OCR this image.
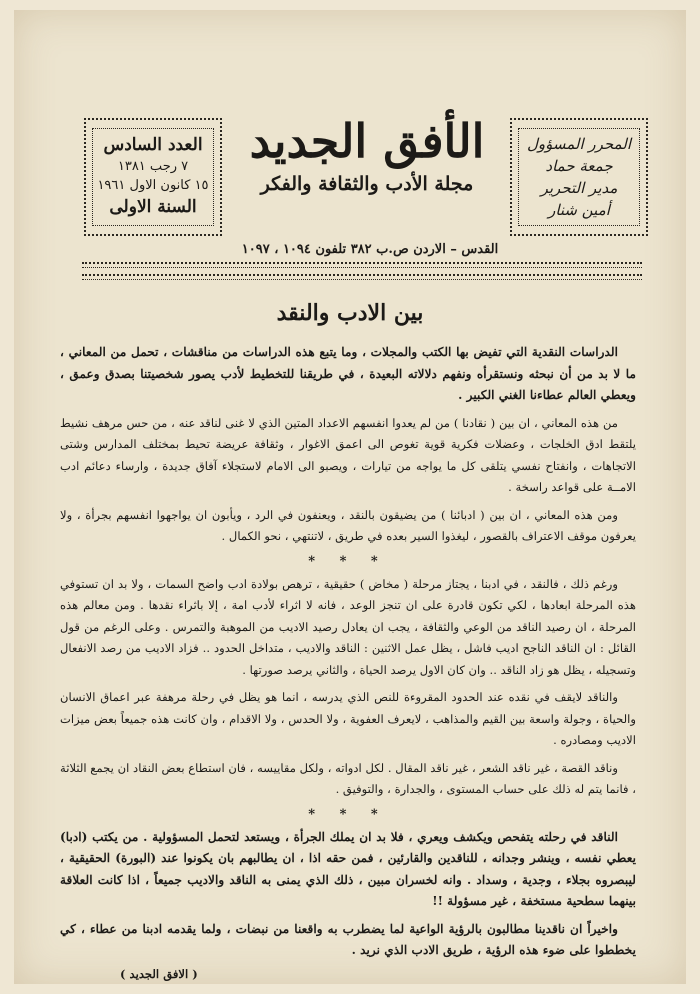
العدد السادس
٧ رجب ١٣٨١
١٥ كانون الاول ١٩٦١
السنة الاولى
الأفق الجديد
مجلة الأدب والثقافة والفكر
المحرر المسؤول
جمعة حماد
مدير التحرير
أمين شنار
القدس – الاردن ص.ب ٣٨٢ تلفون ١٠٩٤ ، ١٠٩٧
بين الادب والنقد

الدراسات النقدية التي تفيض بها الكتب والمجلات ، وما يتبع هذه الدراسات من مناقشات ، تحمل من المعاني ، ما لا بد من أن نبحثه ونستقرأه ونفهم دلالاته البعيدة ، في طريقنا للتخطيط لأدب يصور شخصيتنا بصدق وعمق ، ويعطي العالم عطاءنا الغني الكبير .

من هذه المعاني ، ان بين ( نقادنا ) من لم يعدوا انفسهم الاعداد المتين الذي لا غنى لناقد عنه ، من حس مرهف نشيط يلتقط ادق الخلجات ، وعضلات فكرية قوية تغوص الى اعمق الاغوار ، وثقافة عريضة تحيط بمختلف المدارس وشتى الاتجاهات ، وانفتاح نفسي يتلقى كل ما يواجه من تيارات ، ويصبو الى الامام لاستجلاء آفاق جديدة ، وارساء دعائم ادب الامــة على قواعد راسخة .

ومن هذه المعاني ، ان بين ( ادبائنا ) من يضيقون بالنقد ، ويعنفون في الرد ، ويأبون ان يواجهوا انفسهم بجرأة ، ولا يعرفون موقف الاعتراف بالقصور ، ليغذوا السير بعده في طريق ، لاتنتهي ، نحو الكمال .

* * *

ورغم ذلك ، فالنقد ، في ادبنا ، يجتاز مرحلة ( مخاض ) حقيقية ، ترهص بولادة ادب واضح السمات ، ولا بد ان تستوفي هذه المرحلة ابعادها ، لكي تكون قادرة على ان تنجز الوعد ، فانه لا اثراء لأدب امة ، إلا باثراء نقدها . ومن معالم هذه المرحلة ، ان رصيد الناقد من الوعي والثقافة ، يجب ان يعادل رصيد الاديب من الموهبة والتمرس . وعلى الرغم من قول القائل : ان الناقد الناجح اديب فاشل ، يظل عمل الاثنين : الناقد والاديب ، متداخل الحدود .. فزاد الاديب من رصد الانفعال وتسجيله ، يظل هو زاد الناقد .. وان كان الاول يرصد الحياة ، والثاني يرصد صورتها .

والناقد لايقف في نقده عند الحدود المقروءة للنص الذي يدرسه ، انما هو يظل في رحلة مرهفة عبر اعماق الانسان والحياة ، وجولة واسعة بين القيم والمذاهب ، لايعرف العفوية ، ولا الحدس ، ولا الاقدام ، وان كانت هذه جميعاً بعض ميزات الاديب ومصادره .

وناقد القصة ، غير ناقد الشعر ، غير ناقد المقال . لكل ادواته ، ولكل مقاييسه ، فان استطاع بعض النقاد ان يجمع الثلاثة ، فانما يتم له ذلك على حساب المستوى ، والجدارة ، والتوفيق .

* * *

الناقد في رحلته يتفحص ويكشف ويعري ، فلا بد ان يملك الجرأة ، ويستعد لتحمل المسؤولية . من يكتب (ادبا) يعطي نفسه ، وينشر وجدانه ، للناقدين والقارئين ، فمن حقه اذا ، ان يطالبهم بان يكونوا عند (البورة) الحقيقية ، ليبصروه بجلاء ، وجدية ، وسداد . وانه لخسران مبين ، ذلك الذي يمنى به الناقد والاديب جميعاً ، اذا كانت العلاقة بينهما سطحية مستخفة ، غير مسؤولة !!

واخيراً ان ناقدينا مطالبون بالرؤية الواعية لما يضطرب به واقعنا من نبضات ، ولما يقدمه ادبنا من عطاء ، كي يخططوا على ضوء هذه الرؤية ، طريق الادب الذي نريد .

( الافق الجديد )
